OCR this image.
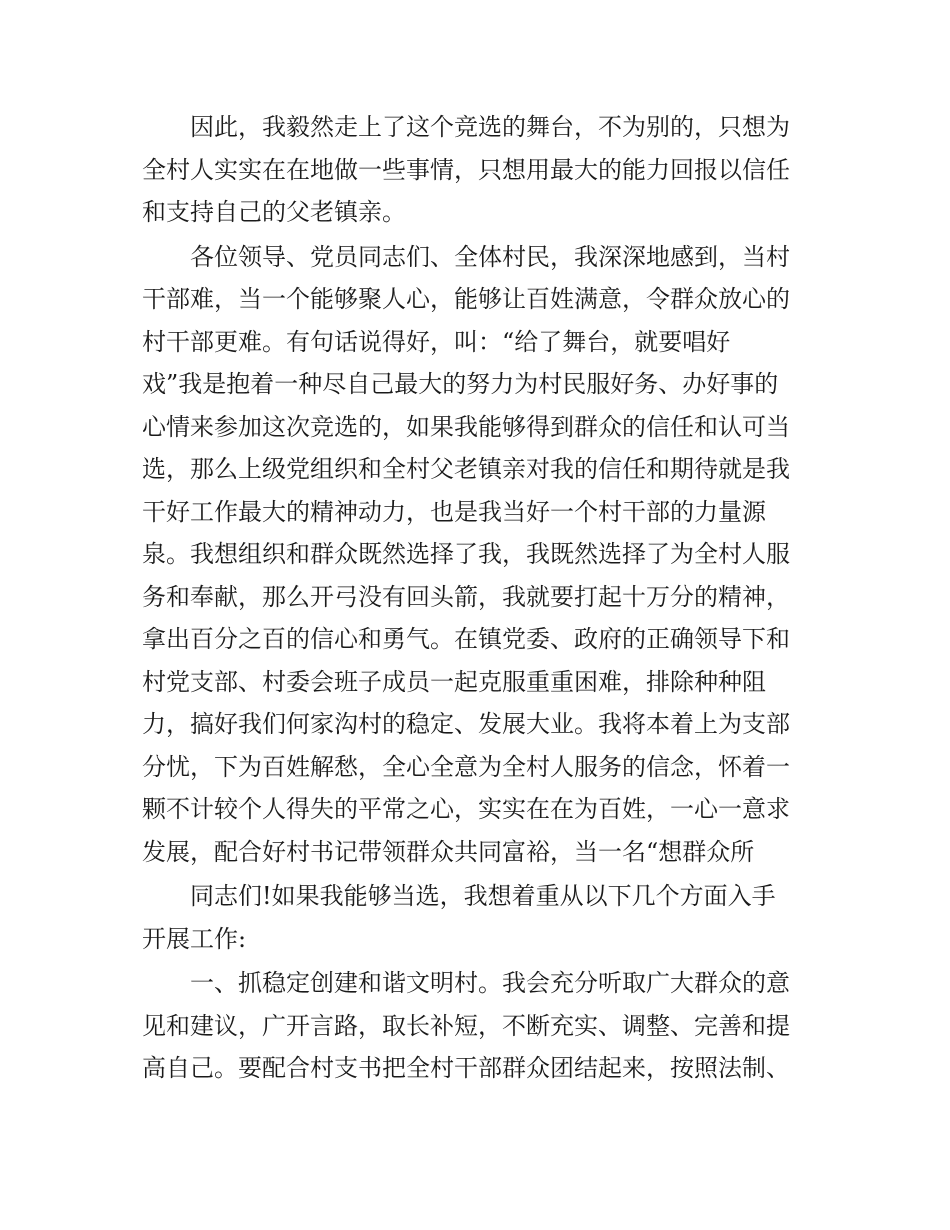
因此，我毅然走上了这个竞选的舞台，不为别的，只想为
全村人实实在在地做一些事情，只想用最大的能力回报以信任
和支持自己的父老镇亲。

各位领导、党员同志们、全体村民，我深深地感到，当村
干部难，当一个能够聚人心，能够让百姓满意，令群众放心的
村干部更难。有句话说得好，叫：“给了舞台，就要唱好
戏”我是抱着一种尽自己最大的努力为村民服好务、办好事的
心情来参加这次竞选的，如果我能够得到群众的信任和认可当
选，那么上级党组织和全村父老镇亲对我的信任和期待就是我
干好工作最大的精神动力，也是我当好一个村干部的力量源
泉。我想组织和群众既然选择了我，我既然选择了为全村人服
务和奉献，那么开弓没有回头箭，我就要打起十万分的精神，
拿出百分之百的信心和勇气。在镇党委、政府的正确领导下和
村党支部、村委会班子成员一起克服重重困难，排除种种阻
力，搞好我们何家沟村的稳定、发展大业。我将本着上为支部
分忧，下为百姓解愁，全心全意为全村人服务的信念，怀着一
颗不计较个人得失的平常之心，实实在在为百姓，一心一意求
发展，配合好村书记带领群众共同富裕，当一名“想群众所

同志们!如果我能够当选，我想着重从以下几个方面入手
开展工作:

一、抓稳定创建和谐文明村。我会充分听取广大群众的意
见和建议，广开言路，取长补短，不断充实、调整、完善和提
高自己。要配合村支书把全村干部群众团结起来，按照法制、
